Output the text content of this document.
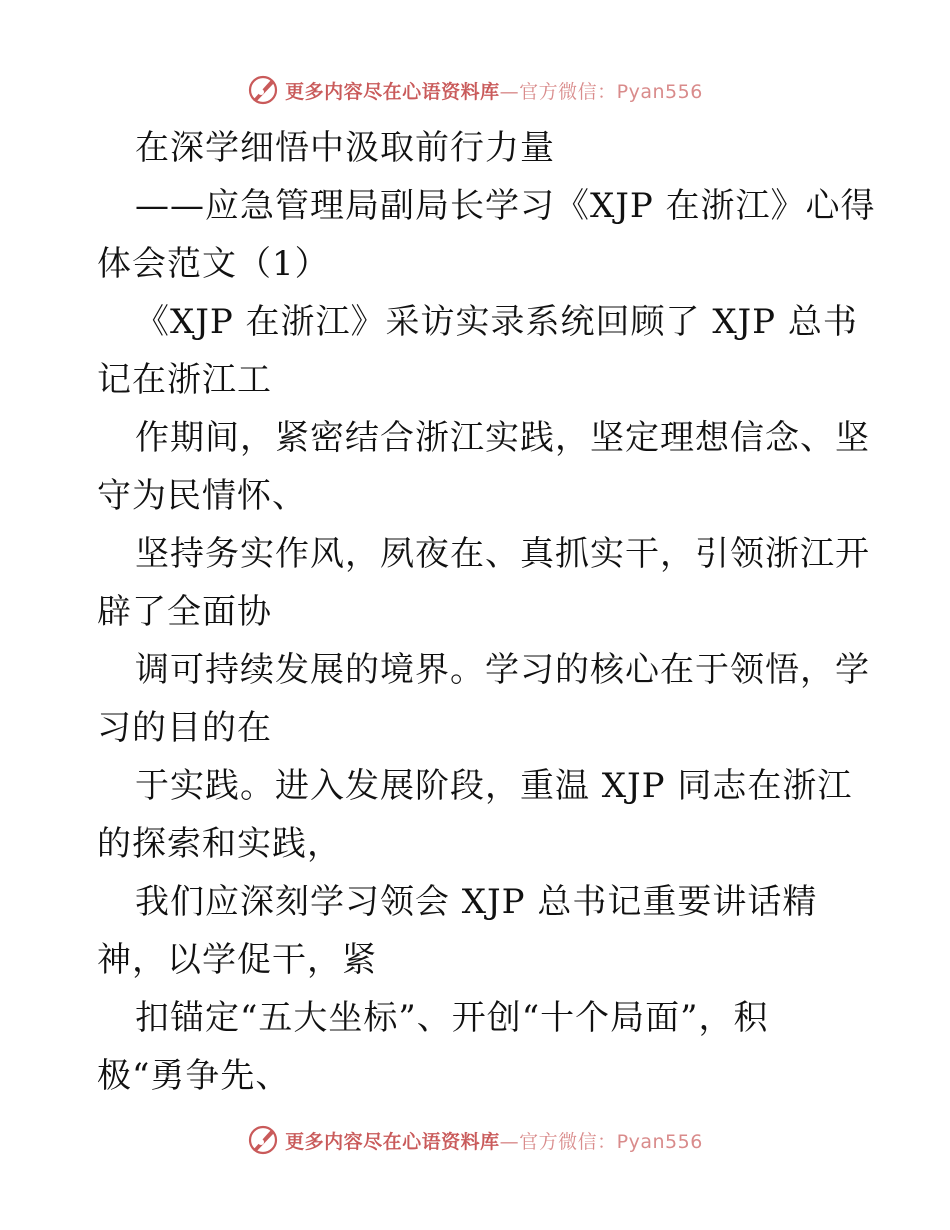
更多内容尽在心语资料库—官方微信：Pyan556
在深学细悟中汲取前行力量
——应急管理局副局长学习《XJP 在浙江》心得
体会范文（1）
《XJP 在浙江》采访实录系统回顾了 XJP 总书
记在浙江工
作期间，紧密结合浙江实践，坚定理想信念、坚
守为民情怀、
坚持务实作风，夙夜在、真抓实干，引领浙江开
辟了全面协
调可持续发展的境界。学习的核心在于领悟，学
习的目的在
于实践。进入发展阶段，重温 XJP 同志在浙江
的探索和实践，
我们应深刻学习领会 XJP 总书记重要讲话精
神，以学促干，紧
扣锚定“五大坐标”、开创“十个局面”，积
极“勇争先、
更多内容尽在心语资料库—官方微信：Pyan556
